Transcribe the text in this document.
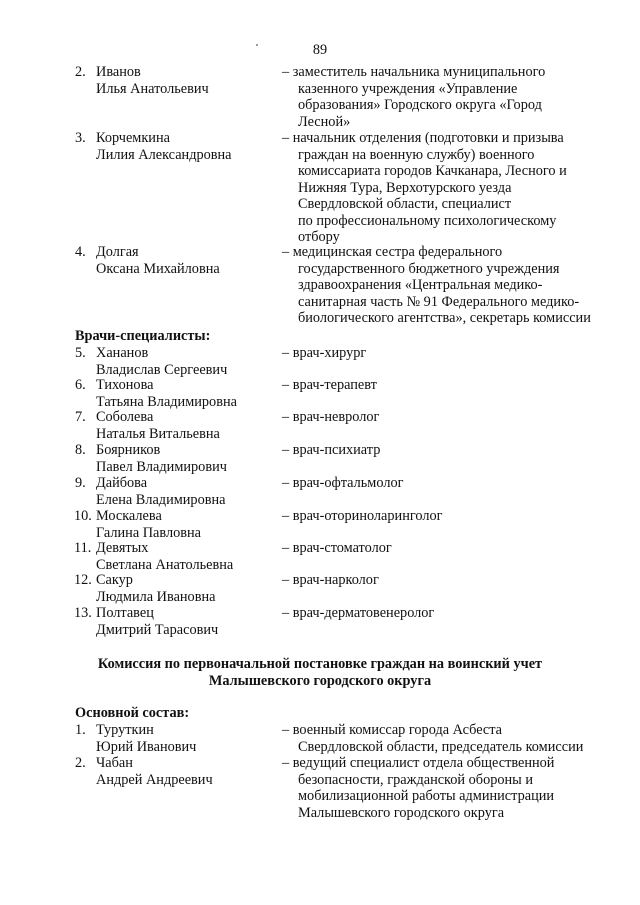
89
2. Иванов
Илья Анатольевич
– заместитель начальника муниципального
казенного учреждения «Управление
образования» Городского округа «Город
Лесной»
3. Корчемкина
Лилия Александровна
– начальник отделения (подготовки и призыва
граждан на военную службу) военного
комиссариата городов Качканара, Лесного и
Нижняя Тура, Верхотурского уезда
Свердловской области, специалист
по профессиональному психологическому
отбору
4. Долгая
Оксана Михайловна
– медицинская сестра федерального
государственного бюджетного учреждения
здравоохранения «Центральная медико-
санитарная часть № 91 Федерального медико-
биологического агентства», секретарь комиссии
Врачи-специалисты:
5. Хананов
Владислав Сергеевич
– врач-хирург
6. Тихонова
Татьяна Владимировна
– врач-терапевт
7. Соболева
Наталья Витальевна
– врач-невролог
8. Боярников
Павел Владимирович
– врач-психиатр
9. Дайбова
Елена Владимировна
– врач-офтальмолог
10. Москалева
Галина Павловна
– врач-оториноларинголог
11. Девятых
Светлана Анатольевна
– врач-стоматолог
12. Сакур
Людмила Ивановна
– врач-нарколог
13. Полтавец
Дмитрий Тарасович
– врач-дерматовенеролог
Комиссия по первоначальной постановке граждан на воинский учет
Малышевского городского округа
Основной состав:
1. Туруткин
Юрий Иванович
– военный комиссар города Асбеста
Свердловской области, председатель комиссии
2. Чабан
Андрей Андреевич
– ведущий специалист отдела общественной
безопасности, гражданской обороны и
мобилизационной работы администрации
Малышевского городского округа
